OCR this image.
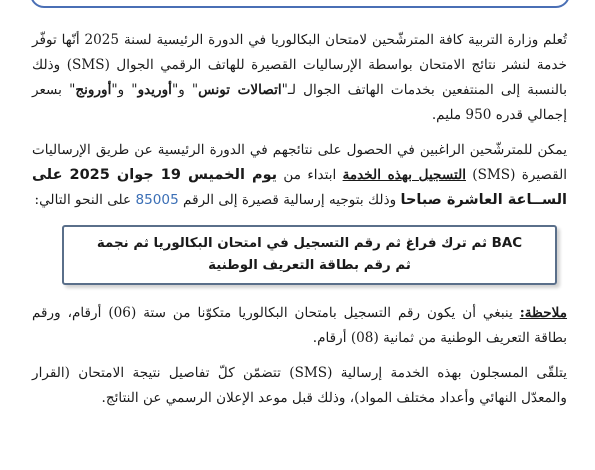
تُعلم وزارة التربية كافة المترشّحين لامتحان البكالوريا في الدورة الرئيسية لسنة 2025 أنّها توفّر خدمة لنشر نتائج الامتحان بواسطة الإرساليات القصيرة للهاتف الرقمي الجوال (SMS) وذلك بالنسبة إلى المنتفعين بخدمات الهاتف الجوال لـ"اتصالات تونس" و"أوريدو" و"أورونج" بسعر إجمالي قدره 950 مليم.

يمكن للمترشّحين الراغبين في الحصول على نتائجهم في الدورة الرئيسية عن طريق الإرساليات القصيرة (SMS) التسجيل بهذه الخدمة ابتداء من يوم الخميس 19 جوان 2025 على الســاعة العاشرة صباحا وذلك بتوجيه إرسالية قصيرة إلى الرقم 85005 على النحو التالي:

BAC ثم ترك فراغ ثم رقم التسجيل في امتحان البكالوريا ثم نجمة
ثم رقم بطاقة التعريف الوطنية

ملاحظة: ينبغي أن يكون رقم التسجيل بامتحان البكالوريا متكوّنا من ستة (06) أرقام، ورقم بطاقة التعريف الوطنية من ثمانية (08) أرقام.

يتلقّى المسجلون بهذه الخدمة إرسالية (SMS) تتضمّن كلّ تفاصيل نتيجة الامتحان (القرار والمعدّل النهائي وأعداد مختلف المواد)، وذلك قبل موعد الإعلان الرسمي عن النتائج.
